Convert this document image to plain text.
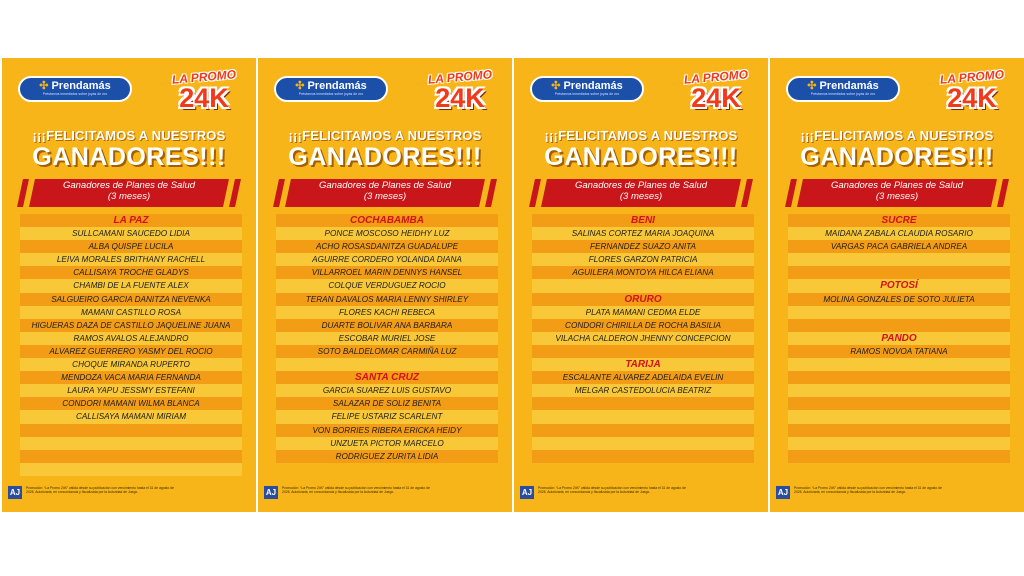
✣ Prendamás
Préstamos inmediatos sobre joyas de oro
LA PROMO
24K
¡¡¡FELICITAMOS A NUESTROS
GANADORES!!!
Ganadores de Planes de Salud
(3 meses)
LA PAZ
SULLCAMANI SAUCEDO LIDIA
ALBA QUISPE LUCILA
LEIVA MORALES BRITHANY RACHELL
CALLISAYA TROCHE GLADYS
CHAMBI DE LA FUENTE ALEX
SALGUEIRO GARCIA DANITZA NEVENKA
MAMANI CASTILLO ROSA
HIGUERAS DAZA DE CASTILLO JAQUELINE JUANA
RAMOS AVALOS ALEJANDRO
ALVAREZ GUERRERO YASMY DEL ROCIO
CHOQUE MIRANDA RUPERTO
MENDOZA VACA MARIA FERNANDA
LAURA YAPU JESSMY ESTEFANI
CONDORI MAMANI WILMA BLANCA
CALLISAYA MAMANI MIRIAM
AJ	Promoción: “La Promo 24K” válida desde su publicación con vencimiento hasta el 31 de agosto de 2025. Autorizada, en concordancia y fiscalizada por la Autoridad de Juego.
✣ Prendamás
Préstamos inmediatos sobre joyas de oro
LA PROMO
24K
¡¡¡FELICITAMOS A NUESTROS
GANADORES!!!
Ganadores de Planes de Salud
(3 meses)
COCHABAMBA
PONCE MOSCOSO HEIDHY LUZ
ACHO ROSASDANITZA GUADALUPE
AGUIRRE CORDERO YOLANDA DIANA
VILLARROEL MARIN DENNYS HANSEL
COLQUE VERDUGUEZ ROCIO
TERAN DAVALOS MARIA LENNY SHIRLEY
FLORES KACHI REBECA
DUARTE BOLIVAR ANA BARBARA
ESCOBAR MURIEL JOSE
SOTO BALDELOMAR CARMIÑA LUZ
SANTA CRUZ
GARCIA SUAREZ LUIS GUSTAVO
SALAZAR DE SOLIZ BENITA
FELIPE USTARIZ SCARLENT
VON BORRIES RIBERA ERICKA HEIDY
UNZUETA PICTOR MARCELO
RODRIGUEZ ZURITA LIDIA
AJ	Promoción: “La Promo 24K” válida desde su publicación con vencimiento hasta el 31 de agosto de 2025. Autorizada, en concordancia y fiscalizada por la Autoridad de Juego.
✣ Prendamás
Préstamos inmediatos sobre joyas de oro
LA PROMO
24K
¡¡¡FELICITAMOS A NUESTROS
GANADORES!!!
Ganadores de Planes de Salud
(3 meses)
BENI
SALINAS CORTEZ MARIA JOAQUINA
FERNANDEZ SUAZO ANITA
FLORES GARZON PATRICIA
AGUILERA MONTOYA HILCA ELIANA
ORURO
PLATA MAMANI CEDMA ELDE
CONDORI CHIRILLA DE ROCHA BASILIA
VILACHA CALDERON JHENNY CONCEPCION
TARIJA
ESCALANTE ALVAREZ ADELAIDA EVELIN
MELGAR CASTEDOLUCIA BEATRIZ
AJ	Promoción: “La Promo 24K” válida desde su publicación con vencimiento hasta el 31 de agosto de 2025. Autorizada, en concordancia y fiscalizada por la Autoridad de Juego.
✣ Prendamás
Préstamos inmediatos sobre joyas de oro
LA PROMO
24K
¡¡¡FELICITAMOS A NUESTROS
GANADORES!!!
Ganadores de Planes de Salud
(3 meses)
SUCRE
MAIDANA ZABALA CLAUDIA ROSARIO
VARGAS PACA GABRIELA ANDREA
POTOSÍ
MOLINA GONZALES DE SOTO JULIETA
PANDO
RAMOS NOVOA TATIANA
AJ	Promoción: “La Promo 24K” válida desde su publicación con vencimiento hasta el 31 de agosto de 2025. Autorizada, en concordancia y fiscalizada por la Autoridad de Juego.
